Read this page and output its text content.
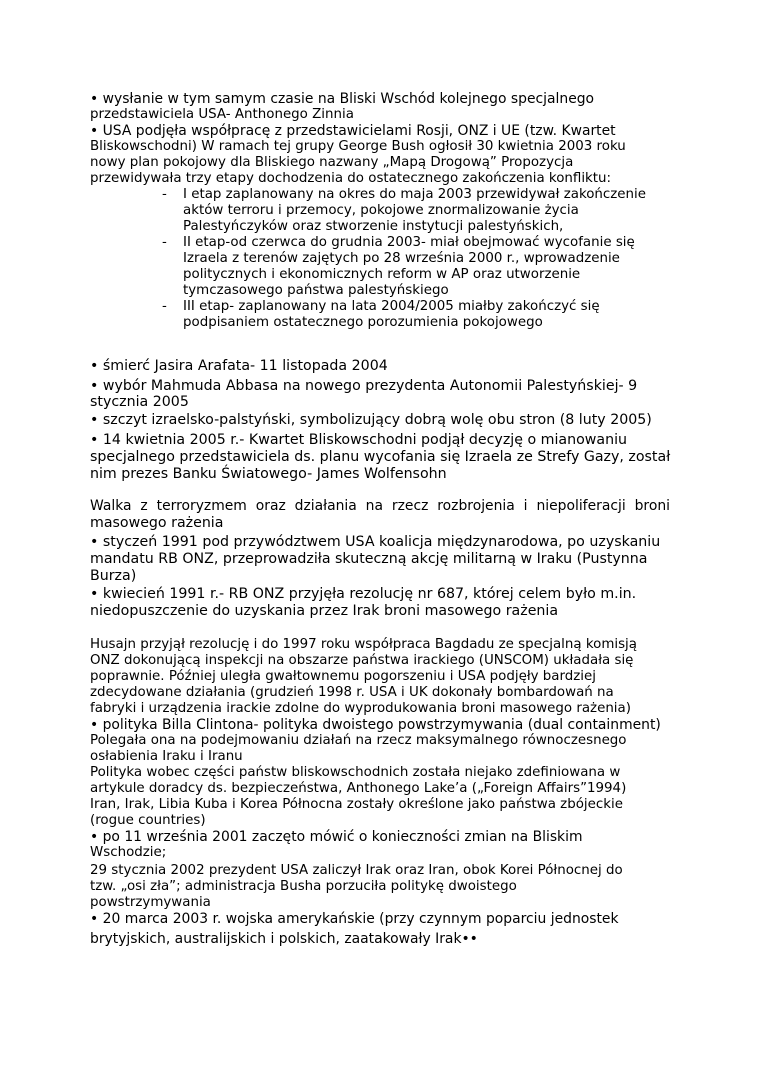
• wysłanie w tym samym czasie na Bliski Wschód kolejnego specjalnego
przedstawiciela USA- Anthonego Zinnia
• USA podjęła współpracę z przedstawicielami Rosji, ONZ i UE (tzw. Kwartet
Bliskowschodni) W ramach tej grupy George Bush ogłosił 30 kwietnia 2003 roku
nowy plan pokojowy dla Bliskiego nazwany „Mapą Drogową” Propozycja
przewidywała trzy etapy dochodzenia do ostatecznego zakończenia konfliktu:
- I etap zaplanowany na okres do maja 2003 przewidywał zakończenie
aktów terroru i przemocy, pokojowe znormalizowanie życia
Palestyńczyków oraz stworzenie instytucji palestyńskich,
- II etap-od czerwca do grudnia 2003- miał obejmować wycofanie się
Izraela z terenów zajętych po 28 września 2000 r., wprowadzenie
politycznych i ekonomicznych reform w AP oraz utworzenie
tymczasowego państwa palestyńskiego
- III etap- zaplanowany na lata 2004/2005 miałby zakończyć się
podpisaniem ostatecznego porozumienia pokojowego
• śmierć Jasira Arafata- 11 listopada 2004
• wybór Mahmuda Abbasa na nowego prezydenta Autonomii Palestyńskiej- 9
stycznia 2005
• szczyt izraelsko-palstyński, symbolizujący dobrą wolę obu stron (8 luty 2005)
• 14 kwietnia 2005 r.- Kwartet Bliskowschodni podjął decyzję o mianowaniu
specjalnego przedstawiciela ds. planu wycofania się Izraela ze Strefy Gazy, został
nim prezes Banku Światowego- James Wolfensohn
Walka z terroryzmem oraz działania na rzecz rozbrojenia i niepoliferacji broni
masowego rażenia
• styczeń 1991 pod przywództwem USA koalicja międzynarodowa, po uzyskaniu
mandatu RB ONZ, przeprowadziła skuteczną akcję militarną w Iraku (Pustynna
Burza)
• kwiecień 1991 r.- RB ONZ przyjęła rezolucję nr 687, której celem było m.in.
niedopuszczenie do uzyskania przez Irak broni masowego rażenia
Husajn przyjął rezolucję i do 1997 roku współpraca Bagdadu ze specjalną komisją
ONZ dokonującą inspekcji na obszarze państwa irackiego (UNSCOM) układała się
poprawnie. Później uległa gwałtownemu pogorszeniu i USA podjęły bardziej
zdecydowane działania (grudzień 1998 r. USA i UK dokonały bombardowań na
fabryki i urządzenia irackie zdolne do wyprodukowania broni masowego rażenia)
• polityka Billa Clintona- polityka dwoistego powstrzymywania (dual containment)
Polegała ona na podejmowaniu działań na rzecz maksymalnego równoczesnego
osłabienia Iraku i Iranu
Polityka wobec części państw bliskowschodnich została niejako zdefiniowana w
artykule doradcy ds. bezpieczeństwa, Anthonego Lake’a („Foreign Affairs”1994)
Iran, Irak, Libia Kuba i Korea Północna zostały określone jako państwa zbójeckie
(rogue countries)
• po 11 września 2001 zaczęto mówić o konieczności zmian na Bliskim
Wschodzie;
29 stycznia 2002 prezydent USA zaliczył Irak oraz Iran, obok Korei Północnej do
tzw. „osi zła”; administracja Busha porzuciła politykę dwoistego
powstrzymywania
• 20 marca 2003 r. wojska amerykańskie (przy czynnym poparciu jednostek
brytyjskich, australijskich i polskich, zaatakowały Irak••
